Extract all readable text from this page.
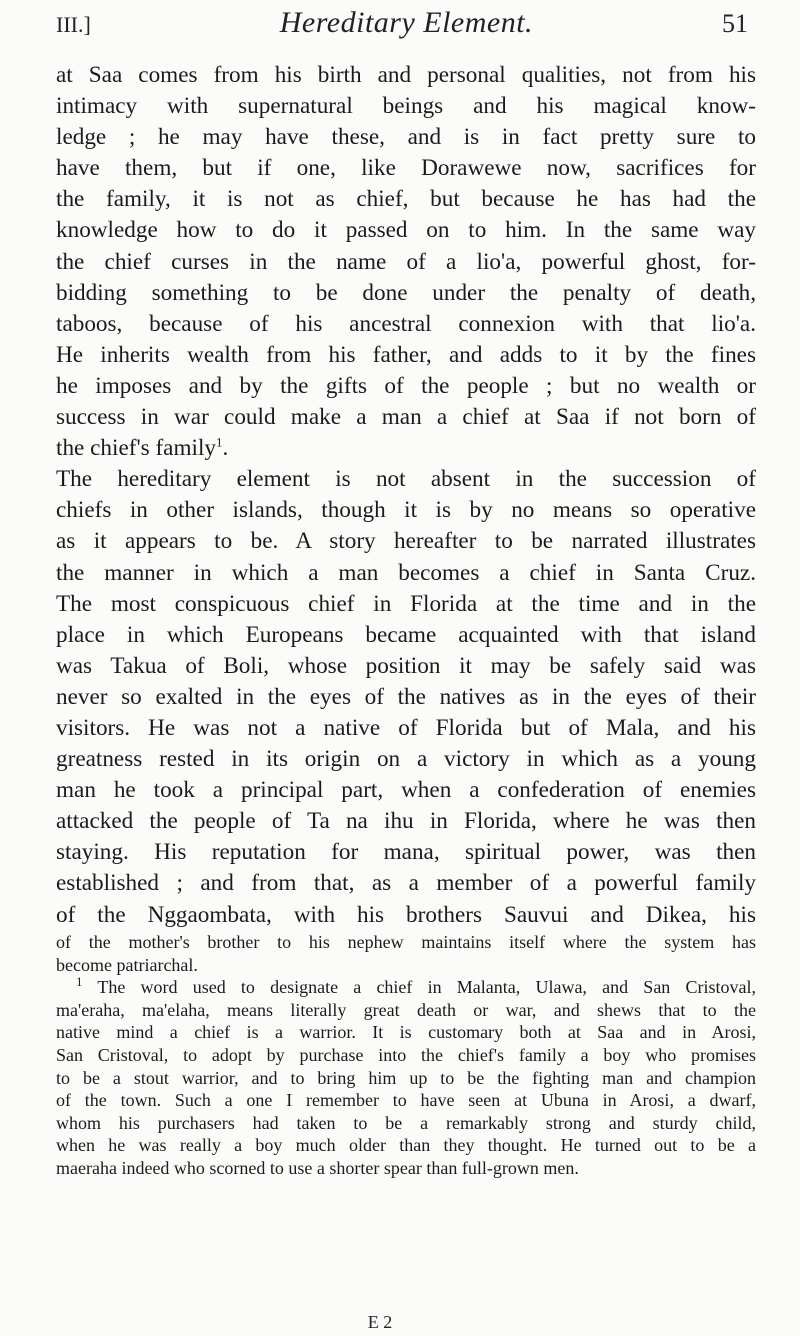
III.]	Hereditary Element.	51
at Saa comes from his birth and personal qualities, not from his
intimacy with supernatural beings and his magical know-
ledge ; he may have these, and is in fact pretty sure to
have them, but if one, like Dorawewe now, sacrifices for
the family, it is not as chief, but because he has had the
knowledge how to do it passed on to him. In the same way
the chief curses in the name of a lio'a, powerful ghost, for-
bidding something to be done under the penalty of death,
taboos, because of his ancestral connexion with that lio'a.
He inherits wealth from his father, and adds to it by the fines
he imposes and by the gifts of the people ; but no wealth or
success in war could make a man a chief at Saa if not born of
the chief's family$^1$.
The hereditary element is not absent in the succession of
chiefs in other islands, though it is by no means so operative
as it appears to be. A story hereafter to be narrated illustrates
the manner in which a man becomes a chief in Santa Cruz.
The most conspicuous chief in Florida at the time and in the
place in which Europeans became acquainted with that island
was Takua of Boli, whose position it may be safely said was
never so exalted in the eyes of the natives as in the eyes of their
visitors. He was not a native of Florida but of Mala, and his
greatness rested in its origin on a victory in which as a young
man he took a principal part, when a confederation of enemies
attacked the people of Ta na ihu in Florida, where he was then
staying. His reputation for mana, spiritual power, was then
established ; and from that, as a member of a powerful family
of the Nggaombata, with his brothers Sauvui and Dikea, his
of the mother's brother to his nephew maintains itself where the system has
become patriarchal.
$^1$ The word used to designate a chief in Malanta, Ulawa, and San Cristoval,
ma'eraha, ma'elaha, means literally great death or war, and shews that to the
native mind a chief is a warrior. It is customary both at Saa and in Arosi,
San Cristoval, to adopt by purchase into the chief's family a boy who promises
to be a stout warrior, and to bring him up to be the fighting man and champion
of the town. Such a one I remember to have seen at Ubuna in Arosi, a dwarf,
whom his purchasers had taken to be a remarkably strong and sturdy child,
when he was really a boy much older than they thought. He turned out to be a
maeraha indeed who scorned to use a shorter spear than full-grown men.
E 2
